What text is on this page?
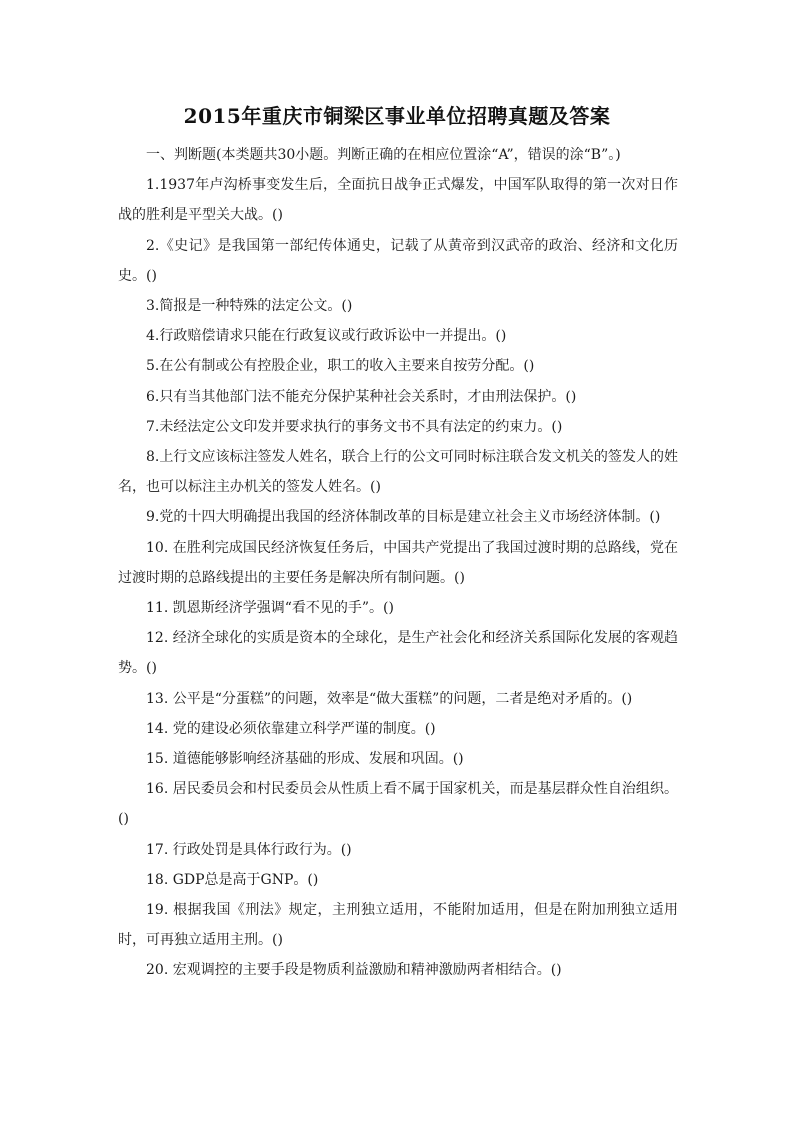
2015年重庆市铜梁区事业单位招聘真题及答案

一、判断题(本类题共30小题。判断正确的在相应位置涂“A”，错误的涂“B”。)

1.1937年卢沟桥事变发生后，全面抗日战争正式爆发，中国军队取得的第一次对日作战的胜利是平型关大战。()

2.《史记》是我国第一部纪传体通史，记载了从黄帝到汉武帝的政治、经济和文化历史。()

3.简报是一种特殊的法定公文。()

4.行政赔偿请求只能在行政复议或行政诉讼中一并提出。()

5.在公有制或公有控股企业，职工的收入主要来自按劳分配。()

6.只有当其他部门法不能充分保护某种社会关系时，才由刑法保护。()

7.未经法定公文印发并要求执行的事务文书不具有法定的约束力。()

8.上行文应该标注签发人姓名，联合上行的公文可同时标注联合发文机关的签发人的姓名，也可以标注主办机关的签发人姓名。()

9.党的十四大明确提出我国的经济体制改革的目标是建立社会主义市场经济体制。()

10. 在胜利完成国民经济恢复任务后，中国共产党提出了我国过渡时期的总路线，党在过渡时期的总路线提出的主要任务是解决所有制问题。()

11. 凯恩斯经济学强调“看不见的手”。()

12. 经济全球化的实质是资本的全球化，是生产社会化和经济关系国际化发展的客观趋势。()

13. 公平是“分蛋糕”的问题，效率是“做大蛋糕”的问题，二者是绝对矛盾的。()

14. 党的建设必须依靠建立科学严谨的制度。()

15. 道德能够影响经济基础的形成、发展和巩固。()

16. 居民委员会和村民委员会从性质上看不属于国家机关，而是基层群众性自治组织。()

17. 行政处罚是具体行政行为。()

18. GDP总是高于GNP。()

19. 根据我国《刑法》规定，主刑独立适用，不能附加适用，但是在附加刑独立适用时，可再独立适用主刑。()

20. 宏观调控的主要手段是物质利益激励和精神激励两者相结合。()
